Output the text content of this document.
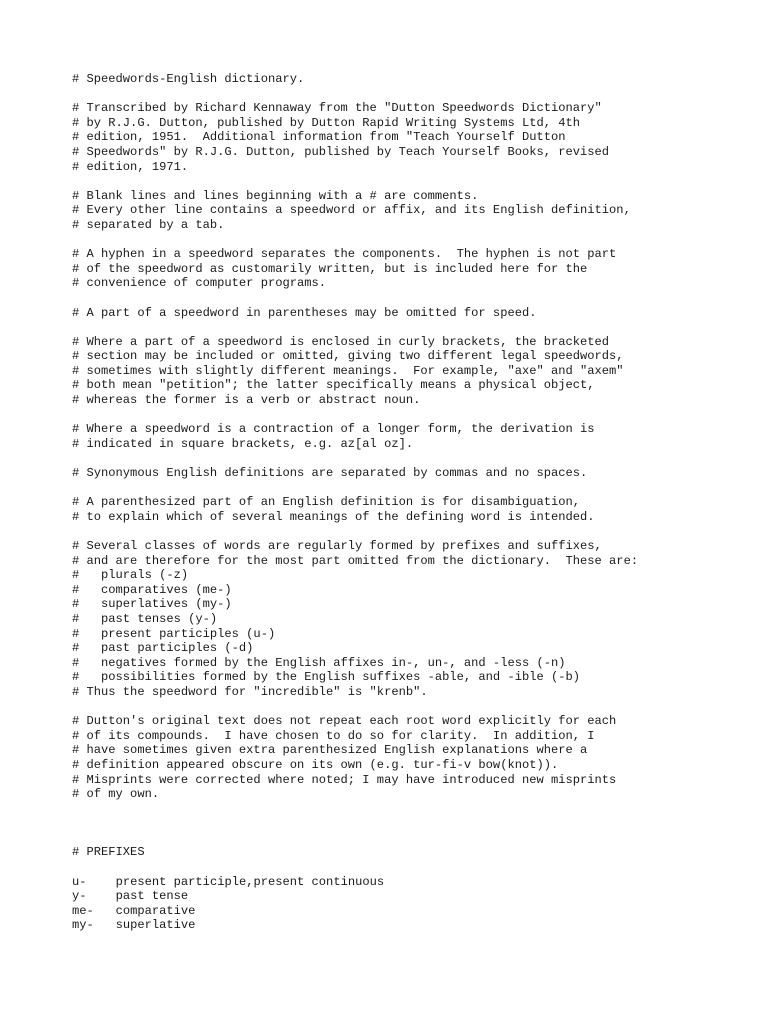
# Speedwords-English dictionary.
# Transcribed by Richard Kennaway from the "Dutton Speedwords Dictionary"
# by R.J.G. Dutton, published by Dutton Rapid Writing Systems Ltd, 4th
# edition, 1951.  Additional information from "Teach Yourself Dutton
# Speedwords" by R.J.G. Dutton, published by Teach Yourself Books, revised
# edition, 1971.
# Blank lines and lines beginning with a # are comments.
# Every other line contains a speedword or affix, and its English definition,
# separated by a tab.
# A hyphen in a speedword separates the components.  The hyphen is not part
# of the speedword as customarily written, but is included here for the
# convenience of computer programs.
# A part of a speedword in parentheses may be omitted for speed.
# Where a part of a speedword is enclosed in curly brackets, the bracketed
# section may be included or omitted, giving two different legal speedwords,
# sometimes with slightly different meanings.  For example, "axe" and "axem"
# both mean "petition"; the latter specifically means a physical object,
# whereas the former is a verb or abstract noun.
# Where a speedword is a contraction of a longer form, the derivation is
# indicated in square brackets, e.g. az[al oz].
# Synonymous English definitions are separated by commas and no spaces.
# A parenthesized part of an English definition is for disambiguation,
# to explain which of several meanings of the defining word is intended.
# Several classes of words are regularly formed by prefixes and suffixes,
# and are therefore for the most part omitted from the dictionary.  These are:
#   plurals (-z)
#   comparatives (me-)
#   superlatives (my-)
#   past tenses (y-)
#   present participles (u-)
#   past participles (-d)
#   negatives formed by the English affixes in-, un-, and -less (-n)
#   possibilities formed by the English suffixes -able, and -ible (-b)
# Thus the speedword for "incredible" is "krenb".
# Dutton's original text does not repeat each root word explicitly for each
# of its compounds.  I have chosen to do so for clarity.  In addition, I
# have sometimes given extra parenthesized English explanations where a
# definition appeared obscure on its own (e.g. tur-fi-v bow(knot)).
# Misprints were corrected where noted; I may have introduced new misprints
# of my own.
# PREFIXES
u-	present participle,present continuous
y-	past tense
me-	comparative
my-	superlative
